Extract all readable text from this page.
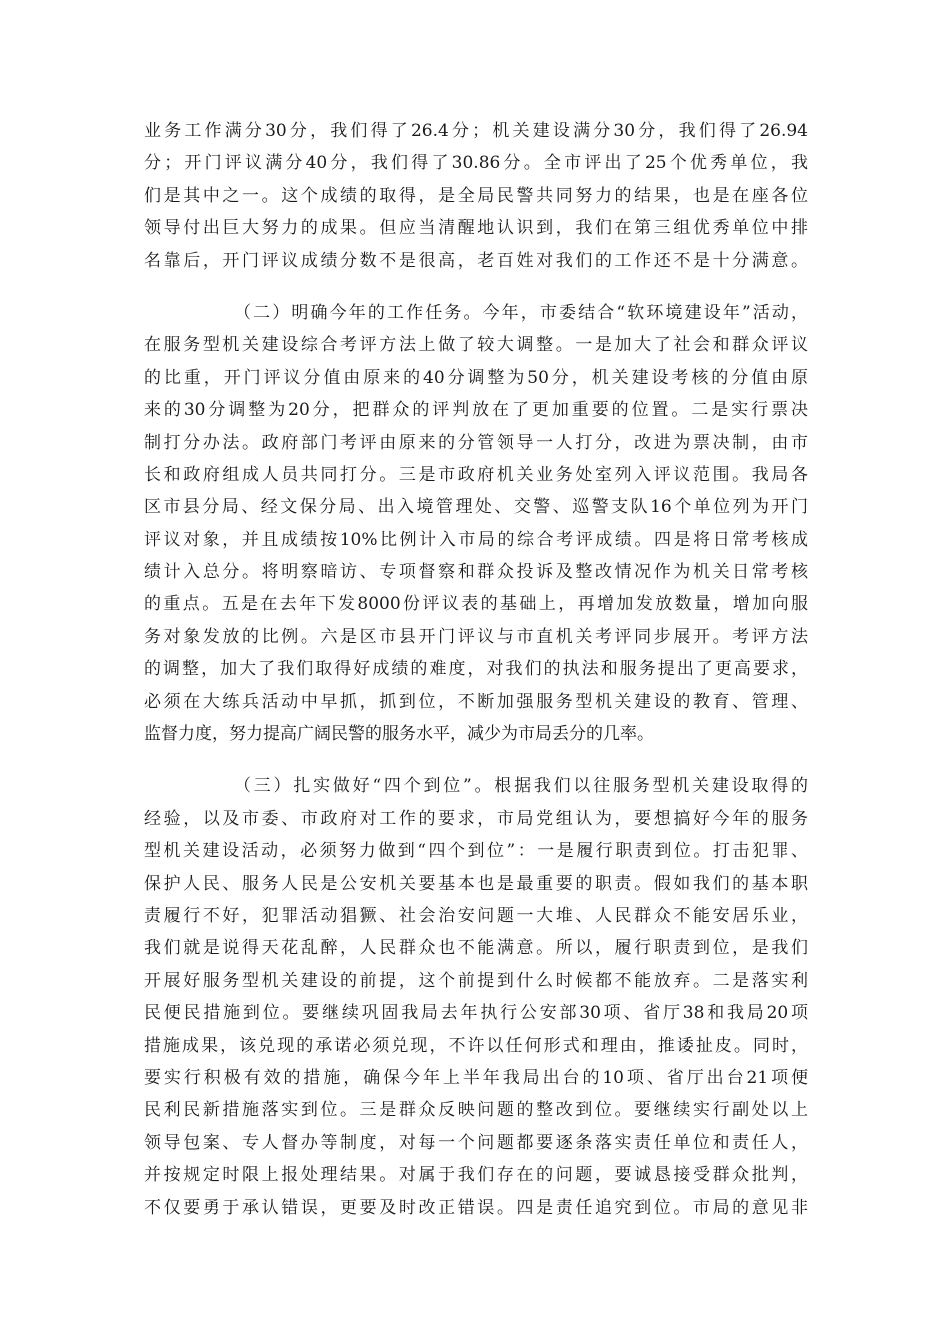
业务工作满分30分，我们得了26.4分；机关建设满分30分，我们得了26.94
分；开门评议满分40分，我们得了30.86分。全市评出了25个优秀单位，我
们是其中之一。这个成绩的取得，是全局民警共同努力的结果，也是在座各位
领导付出巨大努力的成果。但应当清醒地认识到，我们在第三组优秀单位中排
名靠后，开门评议成绩分数不是很高，老百姓对我们的工作还不是十分满意。
（二）明确今年的工作任务。今年，市委结合“软环境建设年”活动，
在服务型机关建设综合考评方法上做了较大调整。一是加大了社会和群众评议
的比重，开门评议分值由原来的40分调整为50分，机关建设考核的分值由原
来的30分调整为20分，把群众的评判放在了更加重要的位置。二是实行票决
制打分办法。政府部门考评由原来的分管领导一人打分，改进为票决制，由市
长和政府组成人员共同打分。三是市政府机关业务处室列入评议范围。我局各
区市县分局、经文保分局、出入境管理处、交警、巡警支队16个单位列为开门
评议对象，并且成绩按10%比例计入市局的综合考评成绩。四是将日常考核成
绩计入总分。将明察暗访、专项督察和群众投诉及整改情况作为机关日常考核
的重点。五是在去年下发8000份评议表的基础上，再增加发放数量，增加向服
务对象发放的比例。六是区市县开门评议与市直机关考评同步展开。考评方法
的调整，加大了我们取得好成绩的难度，对我们的执法和服务提出了更高要求，
必须在大练兵活动中早抓，抓到位，不断加强服务型机关建设的教育、管理、
监督力度，努力提高广阔民警的服务水平，减少为市局丢分的几率。
（三）扎实做好“四个到位”。根据我们以往服务型机关建设取得的
经验，以及市委、市政府对工作的要求，市局党组认为，要想搞好今年的服务
型机关建设活动，必须努力做到“四个到位”：一是履行职责到位。打击犯罪、
保护人民、服务人民是公安机关要基本也是最重要的职责。假如我们的基本职
责履行不好，犯罪活动猖獗、社会治安问题一大堆、人民群众不能安居乐业，
我们就是说得天花乱醉，人民群众也不能满意。所以，履行职责到位，是我们
开展好服务型机关建设的前提，这个前提到什么时候都不能放弃。二是落实利
民便民措施到位。要继续巩固我局去年执行公安部30项、省厅38和我局20项
措施成果，该兑现的承诺必须兑现，不许以任何形式和理由，推诿扯皮。同时，
要实行积极有效的措施，确保今年上半年我局出台的10项、省厅出台21项便
民利民新措施落实到位。三是群众反映问题的整改到位。要继续实行副处以上
领导包案、专人督办等制度，对每一个问题都要逐条落实责任单位和责任人，
并按规定时限上报处理结果。对属于我们存在的问题，要诚恳接受群众批判，
不仅要勇于承认错误，更要及时改正错误。四是责任追究到位。市局的意见非
